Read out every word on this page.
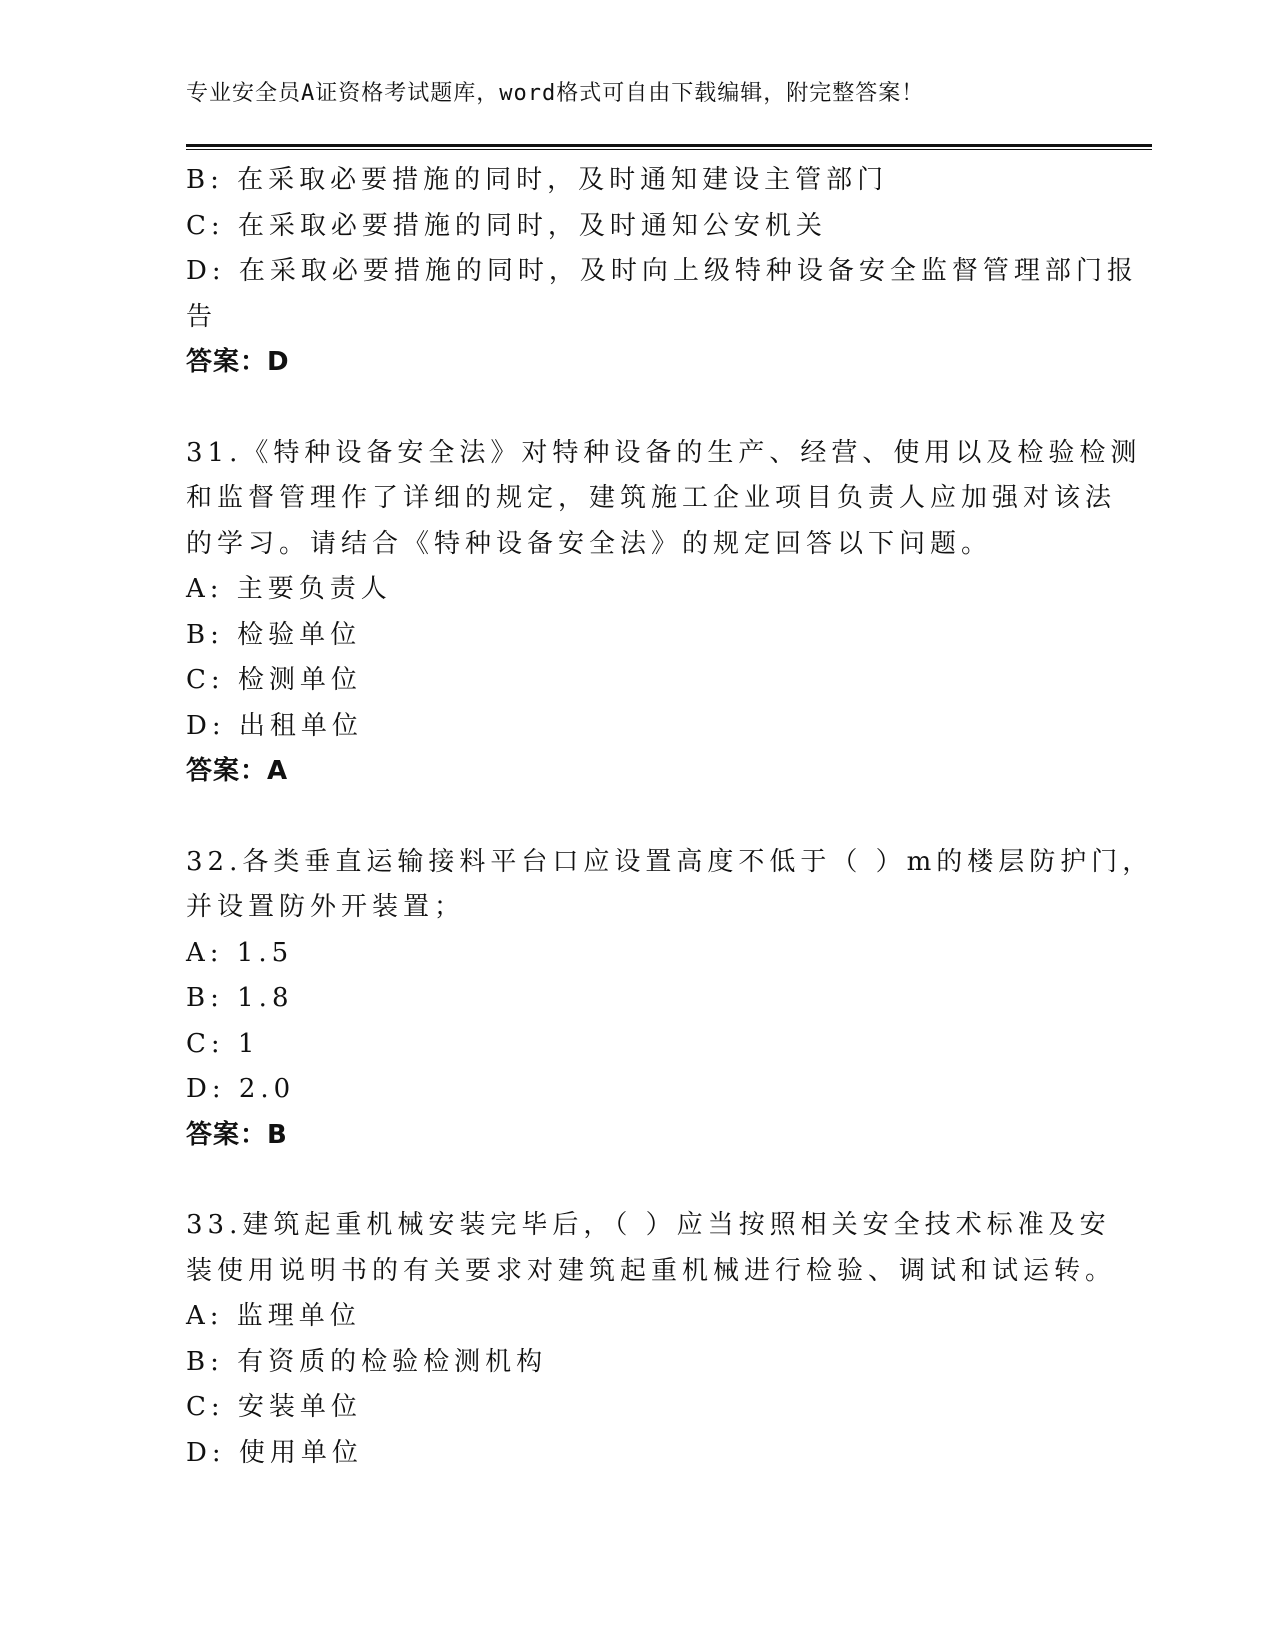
专业安全员A证资格考试题库，word格式可自由下载编辑，附完整答案！
B: 在采取必要措施的同时，及时通知建设主管部门
C: 在采取必要措施的同时，及时通知公安机关
D: 在采取必要措施的同时，及时向上级特种设备安全监督管理部门报
告
答案：D
31.《特种设备安全法》对特种设备的生产、经营、使用以及检验检测
和监督管理作了详细的规定，建筑施工企业项目负责人应加强对该法
的学习。请结合《特种设备安全法》的规定回答以下问题。
A: 主要负责人
B: 检验单位
C: 检测单位
D: 出租单位
答案：A
32.各类垂直运输接料平台口应设置高度不低于（ ）m的楼层防护门，
并设置防外开装置；
A: 1.5
B: 1.8
C: 1
D: 2.0
答案：B
33.建筑起重机械安装完毕后，（ ）应当按照相关安全技术标准及安
装使用说明书的有关要求对建筑起重机械进行检验、调试和试运转。
A: 监理单位
B: 有资质的检验检测机构
C: 安装单位
D: 使用单位
